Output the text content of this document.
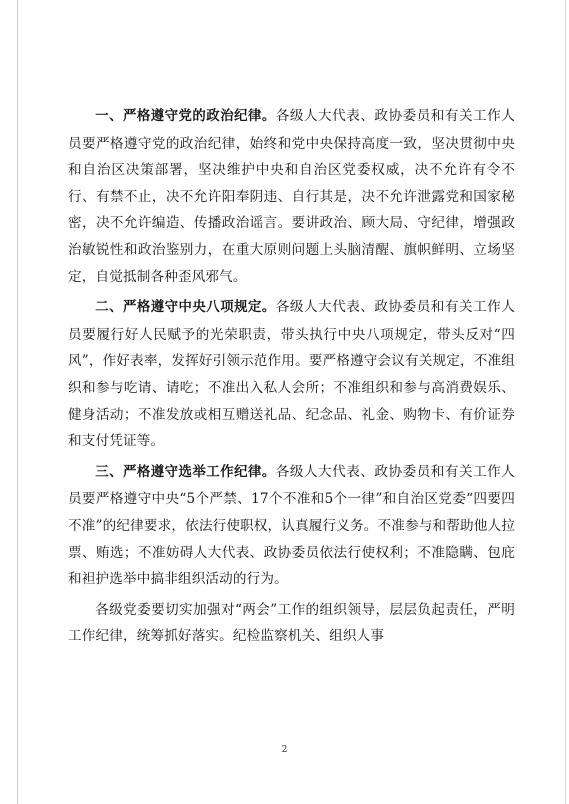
一、严格遵守党的政治纪律。各级人大代表、政协委员和有关工作人员要严格遵守党的政治纪律，始终和党中央保持高度一致，坚决贯彻中央和自治区决策部署，坚决维护中央和自治区党委权威，决不允许有令不行、有禁不止，决不允许阳奉阴违、自行其是，决不允许泄露党和国家秘密，决不允许编造、传播政治谣言。要讲政治、顾大局、守纪律，增强政治敏锐性和政治鉴别力，在重大原则问题上头脑清醒、旗帜鲜明、立场坚定，自觉抵制各种歪风邪气。

二、严格遵守中央八项规定。各级人大代表、政协委员和有关工作人员要履行好人民赋予的光荣职责，带头执行中央八项规定，带头反对“四风”，作好表率，发挥好引领示范作用。要严格遵守会议有关规定，不准组织和参与吃请、请吃；不准出入私人会所；不准组织和参与高消费娱乐、健身活动；不准发放或相互赠送礼品、纪念品、礼金、购物卡、有价证券和支付凭证等。

三、严格遵守选举工作纪律。各级人大代表、政协委员和有关工作人员要严格遵守中央“5个严禁、17个不准和5个一律”和自治区党委“四要四不准”的纪律要求，依法行使职权，认真履行义务。不准参与和帮助他人拉票、贿选；不准妨碍人大代表、政协委员依法行使权利；不准隐瞒、包庇和袒护选举中搞非组织活动的行为。

各级党委要切实加强对“两会”工作的组织领导，层层负起责任，严明工作纪律，统筹抓好落实。纪检监察机关、组织人事

2
